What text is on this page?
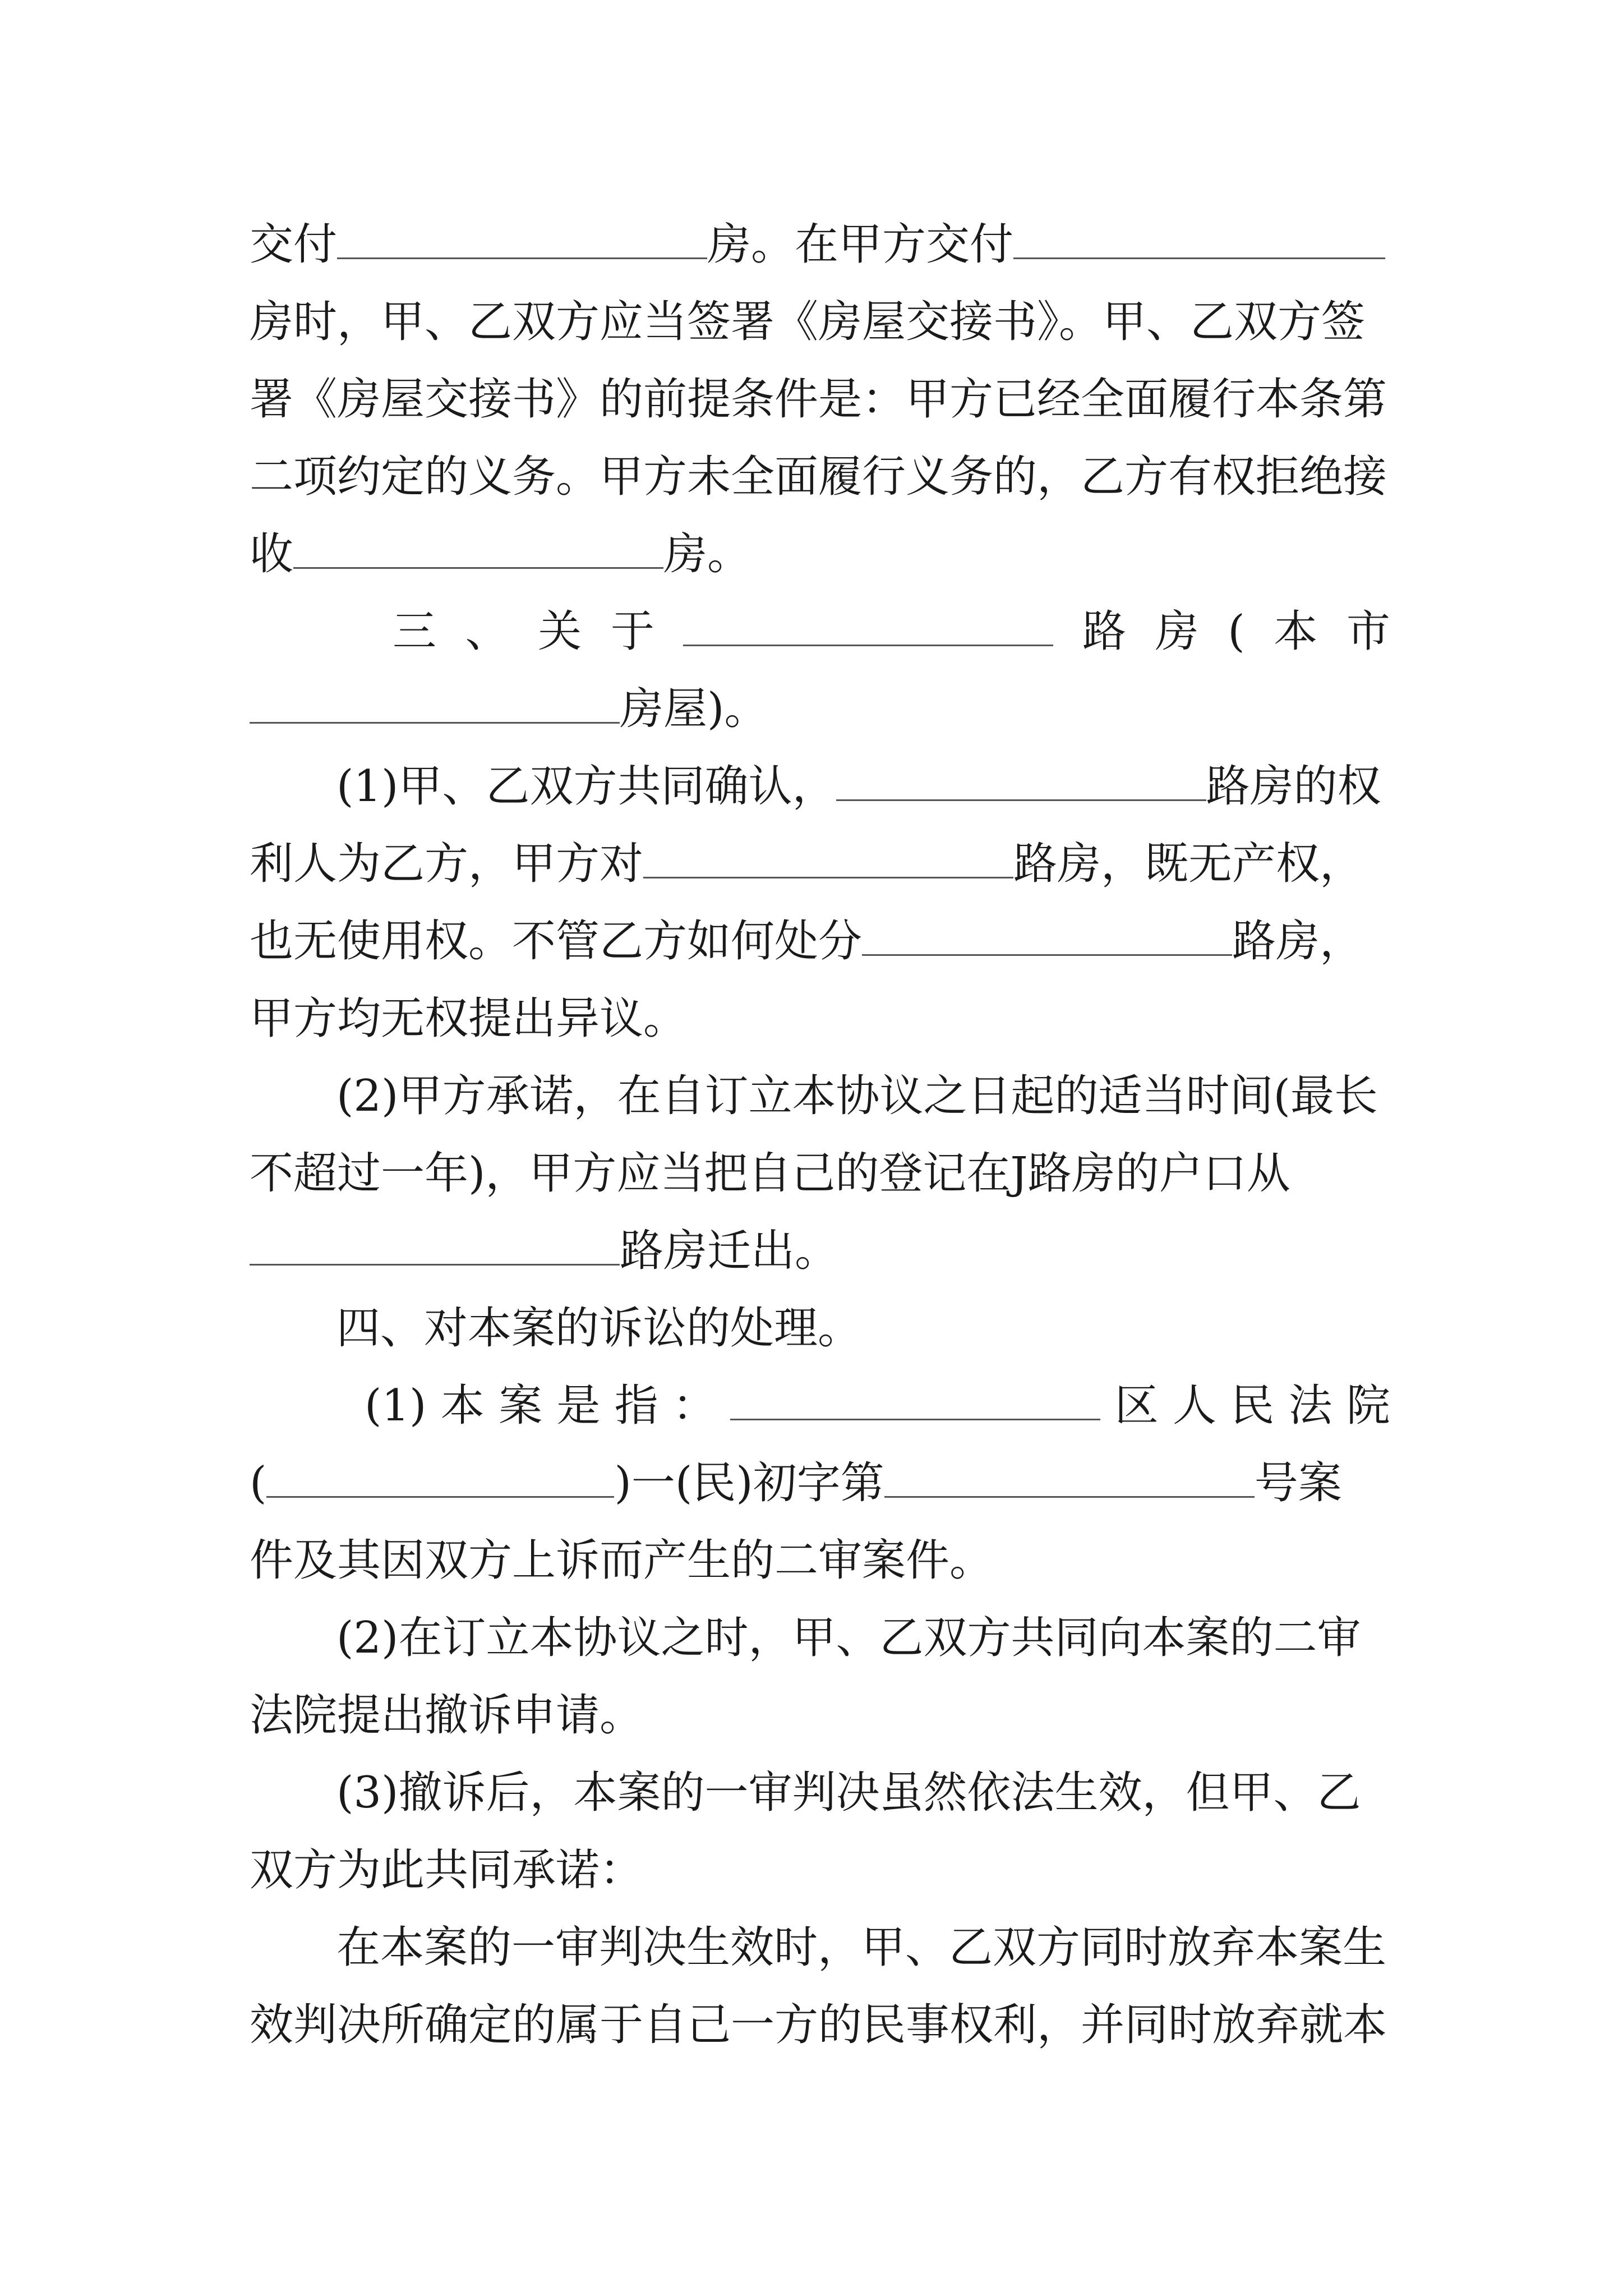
交付	房。在甲方交付
房时，甲、乙双方应当签署《房屋交接书》。甲、乙双方签
署《房屋交接书》的前提条件是：甲方已经全面履行本条第
二项约定的义务。甲方未全面履行义务的，乙方有权拒绝接
收	房。
三 、 关 于	路 房 ( 本 市
房屋)。
(1)甲、乙双方共同确认，	路房的权
利人为乙方，甲方对	路房，既无产权，
也无使用权。不管乙方如何处分	路房，
甲方均无权提出异议。
(2)甲方承诺，在自订立本协议之日起的适当时间(最长
不超过一年)，甲方应当把自己的登记在J路房的户口从
路房迁出。
四、对本案的诉讼的处理。
(1) 本 案 是 指 ：	区 人 民 法 院
(	)一(民)初字第	号案
件及其因双方上诉而产生的二审案件。
(2)在订立本协议之时，甲、乙双方共同向本案的二审
法院提出撤诉申请。
(3)撤诉后，本案的一审判决虽然依法生效，但甲、乙
双方为此共同承诺：
在本案的一审判决生效时，甲、乙双方同时放弃本案生
效判决所确定的属于自己一方的民事权利，并同时放弃就本
